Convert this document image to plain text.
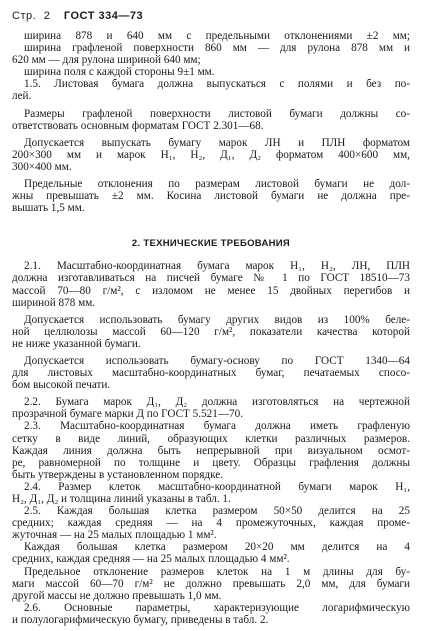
Стр. 2 ГОСТ 334—73
ширина 878 и 640 мм с предельными отклонениями ±2 мм;
ширина графленой поверхности 860 мм — для рулона 878 мм и
620 мм — для рулона шириной 640 мм;
ширина поля с каждой стороны 9±1 мм.
1.5. Листовая бумага должна выпускаться с полями и без по-
лей.
Размеры графленой поверхности листовой бумаги должны со-
ответствовать основным форматам ГОСТ 2.301—68.
Допускается выпускать бумагу марок ЛН и ПЛН форматом
200×300 мм и марок Н₁, Н₂, Д₁, Д₂ форматом 400×600 мм,
300×400 мм.
Предельные отклонения по размерам листовой бумаги не дол-
жны превышать ±2 мм. Косина листовой бумаги не должна пре-
вышать 1,5 мм.
2. ТЕХНИЧЕСКИЕ ТРЕБОВАНИЯ
2.1. Масштабно-координатная бумага марок Н₁, Н₂, ЛН, ПЛН
должна изготавливаться на писчей бумаге № 1 по ГОСТ 18510—73
массой 70—80 г/м², с изломом не менее 15 двойных перегибов и
шириной 878 мм.
Допускается использовать бумагу других видов из 100% беле-
ной целлюлозы массой 60—120 г/м², показатели качества которой
не ниже указанной бумаги.
Допускается использовать бумагу-основу по ГОСТ 1340—64
для листовых масштабно-координатных бумаг, печатаемых спосо-
бом высокой печати.
2.2. Бумага марок Д₁, Д₂ должна изготовляться на чертежной
прозрачной бумаге марки Д по ГОСТ 5.521—70.
2.3. Масштабно-координатная бумага должна иметь графленую
сетку в виде линий, образующих клетки различных размеров.
Каждая линия должна быть непрерывной при визуальном осмот-
ре, равномерной по толщине и цвету. Образцы графления должны
быть утверждены в установленном порядке.
2.4. Размер клеток масштабно-координатной бумаги марок Н₁,
Н₂, Д₁, Д₂ и толщина линий указаны в табл. 1.
2.5. Каждая большая клетка размером 50×50 делится на 25
средних; каждая средняя — на 4 промежуточных, каждая проме-
жуточная — на 25 малых площадью 1 мм².
Каждая большая клетка размером 20×20 мм делится на 4
средних, каждая средняя — на 25 малых площадью 4 мм².
Предельное отклонение размеров клеток на 1 м длины для бу-
маги массой 60—70 г/м² не должно превышать 2,0 мм, для бумаги
другой массы не должно превышать 1,0 мм.
2.6. Основные параметры, характеризующие логарифмическую
и полулогарифмическую бумагу, приведены в табл. 2.
